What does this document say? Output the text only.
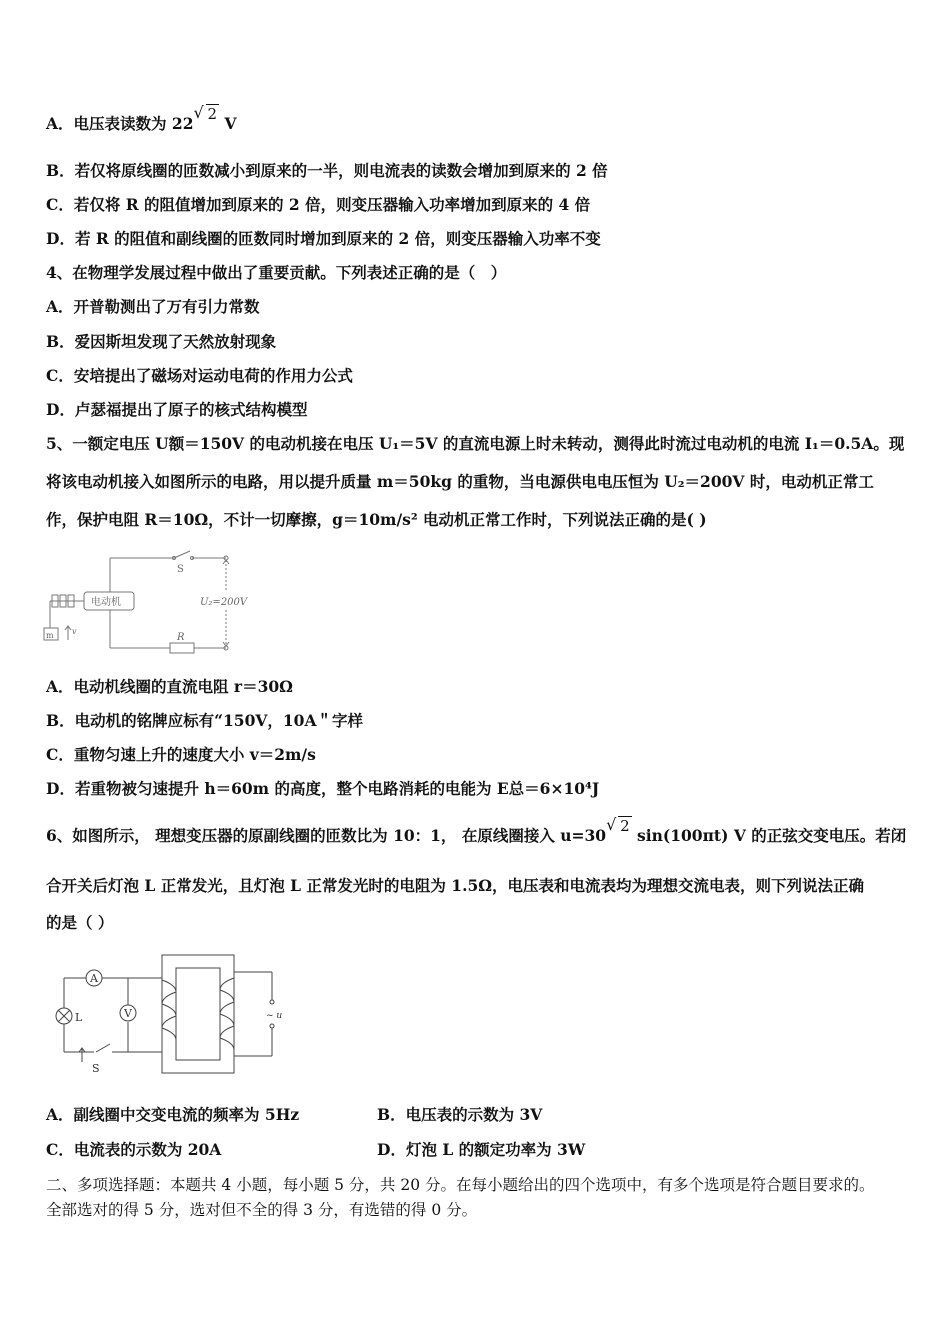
A．电压表读数为 22
√ 2 V
B．若仅将原线圈的匝数减小到原来的一半，则电流表的读数会增加到原来的 2 倍
C．若仅将 R 的阻值增加到原来的 2 倍，则变压器输入功率增加到原来的 4 倍
D．若 R 的阻值和副线圈的匝数同时增加到原来的 2 倍，则变压器输入功率不变
4、在物理学发展过程中做出了重要贡献。下列表述正确的是（　）
A．开普勒测出了万有引力常数
B．爱因斯坦发现了天然放射现象
C．安培提出了磁场对运动电荷的作用力公式
D．卢瑟福提出了原子的核式结构模型
5、一额定电压 U额＝150V 的电动机接在电压 U₁＝5V 的直流电源上时未转动，测得此时流过电动机的电流 I₁＝0.5A。现
将该电动机接入如图所示的电路，用以提升质量 m＝50kg 的重物，当电源供电电压恒为 U₂＝200V 时，电动机正常工
作，保护电阻 R＝10Ω，不计一切摩擦，g＝10m/s² 电动机正常工作时，下列说法正确的是( )
电动机
S
U₂=200V
R
m v
A．电动机线圈的直流电阻 r＝30Ω
B．电动机的铭牌应标有“150V，10A＂字样
C．重物匀速上升的速度大小 v＝2m/s
D．若重物被匀速提升 h＝60m 的高度，整个电路消耗的电能为 E总＝6×10⁴J
6、如图所示， 理想变压器的原副线圈的匝数比为 10：1， 在原线圈接入 u=30
√ 2 sin(100πt) V 的正弦交变电压。若闭
合开关后灯泡 L 正常发光，且灯泡 L 正常发光时的电阻为 1.5Ω，电压表和电流表均为理想交流电表，则下列说法正确
的是（ ）
A
V
L
S
~ u
A．副线圈中交变电流的频率为 5Hz	B．电压表的示数为 3V
C．电流表的示数为 20A	D．灯泡 L 的额定功率为 3W
二、多项选择题：本题共 4 小题，每小题 5 分，共 20 分。在每小题给出的四个选项中，有多个选项是符合题目要求的。
全部选对的得 5 分，选对但不全的得 3 分，有选错的得 0 分。
